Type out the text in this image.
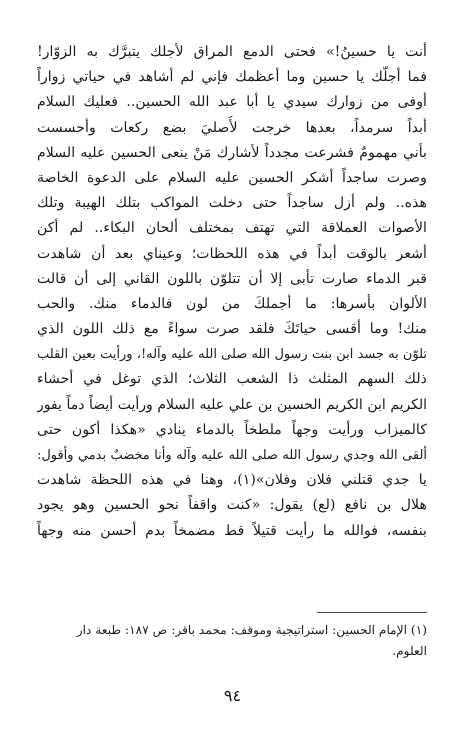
أنت يا حسينُ!» فحتى الدمع المراق لأجلك يتبرَّك به الزوّار!
فما أجلّك يا حسين وما أعظمك فإني لم أشاهد في حياتي زواراً
أوفى من زوارك سيدي يا أبا عبد الله الحسين.. فعليك السلام
أبداً سرمداً، بعدها خرجت لأُصليَ بضع ركعات وأحسست
بأني مهمومٌ فشرعت مجدداً لأشارك مَنْ ينعى الحسين عليه السلام
وصرت ساجداً أشكر الحسين عليه السلام على الدعوة الخاصة
هذه.. ولم أزل ساجداً حتى دخلت المواكب بتلك الهيبة وتلك
الأصوات العملاقة التي تهتف بمختلف ألحان البكاء.. لم أكن
أشعر بالوقت أبداً في هذه اللحظات؛ وعيناي بعد أن شاهدت
قبر الدماء صارت تأبى إلا أن تتلوّن باللون القاني إلى أن قالت
الألوان بأسرها: ما أجملكَ من لون فالدماء منك. والحب
منك! وما أقسى حياتَكَ فلقد صرت سواءً مع ذلك اللون الذي
تلوّن به جسد ابن بنت رسول الله صلى الله عليه وآله!، ورأيت بعين القلب
ذلك السهم المثلث ذا الشعب الثلاث؛ الذي توغل في أحشاء
الكريم ابن الكريم الحسين بن علي عليه السلام ورأيت أيضاً دماً يفور
كالميزاب ورأيت وجهاً ملطخاً بالدماء ينادي «هكذا أكون حتى
ألقى الله وجدي رسول الله صلى الله عليه وآله وأنا مخضبٌ بدمي وأقول:
يا جدي قتلني فلان وفلان»(١)، وهنا في هذه اللحظة شاهدت
هلال بن نافع (لع) يقول: «كنت واقفاً نحو الحسين وهو يجود
بنفسه، فوالله ما رأيت قتيلاً قط مضمخاً بدم أحسن منه وجهاً
(١) الإمام الحسين: استراتيجية وموقف: محمد باقر: ص ١٨٧: طبعة دار
العلوم.
٩٤
